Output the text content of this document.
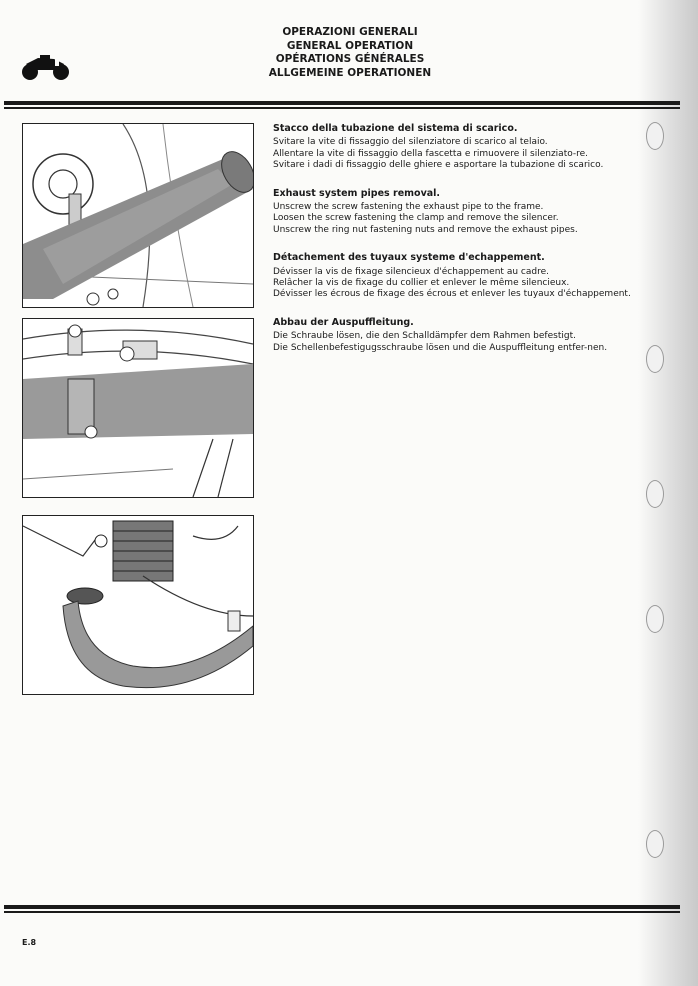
OPERAZIONI GENERALI
GENERAL OPERATION
OPÉRATIONS GÉNÉRALES
ALLGEMEINE OPERATIONEN
Stacco della tubazione del sistema di scarico.

Svitare la vite di fissaggio del silenziatore di scarico al telaio.

Allentare la vite di fissaggio della fascetta e rimuovere il silenziato-re.

Svitare i dadi di fissaggio delle ghiere e asportare la tubazione di scarico.

Exhaust system pipes removal.

Unscrew the screw fastening the exhaust pipe to the frame.

Loosen the screw fastening the clamp and remove the silencer.

Unscrew the ring nut fastening nuts and remove the exhaust pipes.

Détachement des tuyaux systeme d'echappement.

Dévisser la vis de fixage silencieux d'échappement au cadre.

Relâcher la vis de fixage du collier et enlever le même silencieux.

Dévisser les écrous de fixage des écrous et enlever les tuyaux d'échappement.

Abbau der Auspuffleitung.

Die Schraube lösen, die den Schalldämpfer dem Rahmen befestigt.

Die Schellenbefestigugsschraube lösen und die Auspuffleitung entfer-nen.

E.8
